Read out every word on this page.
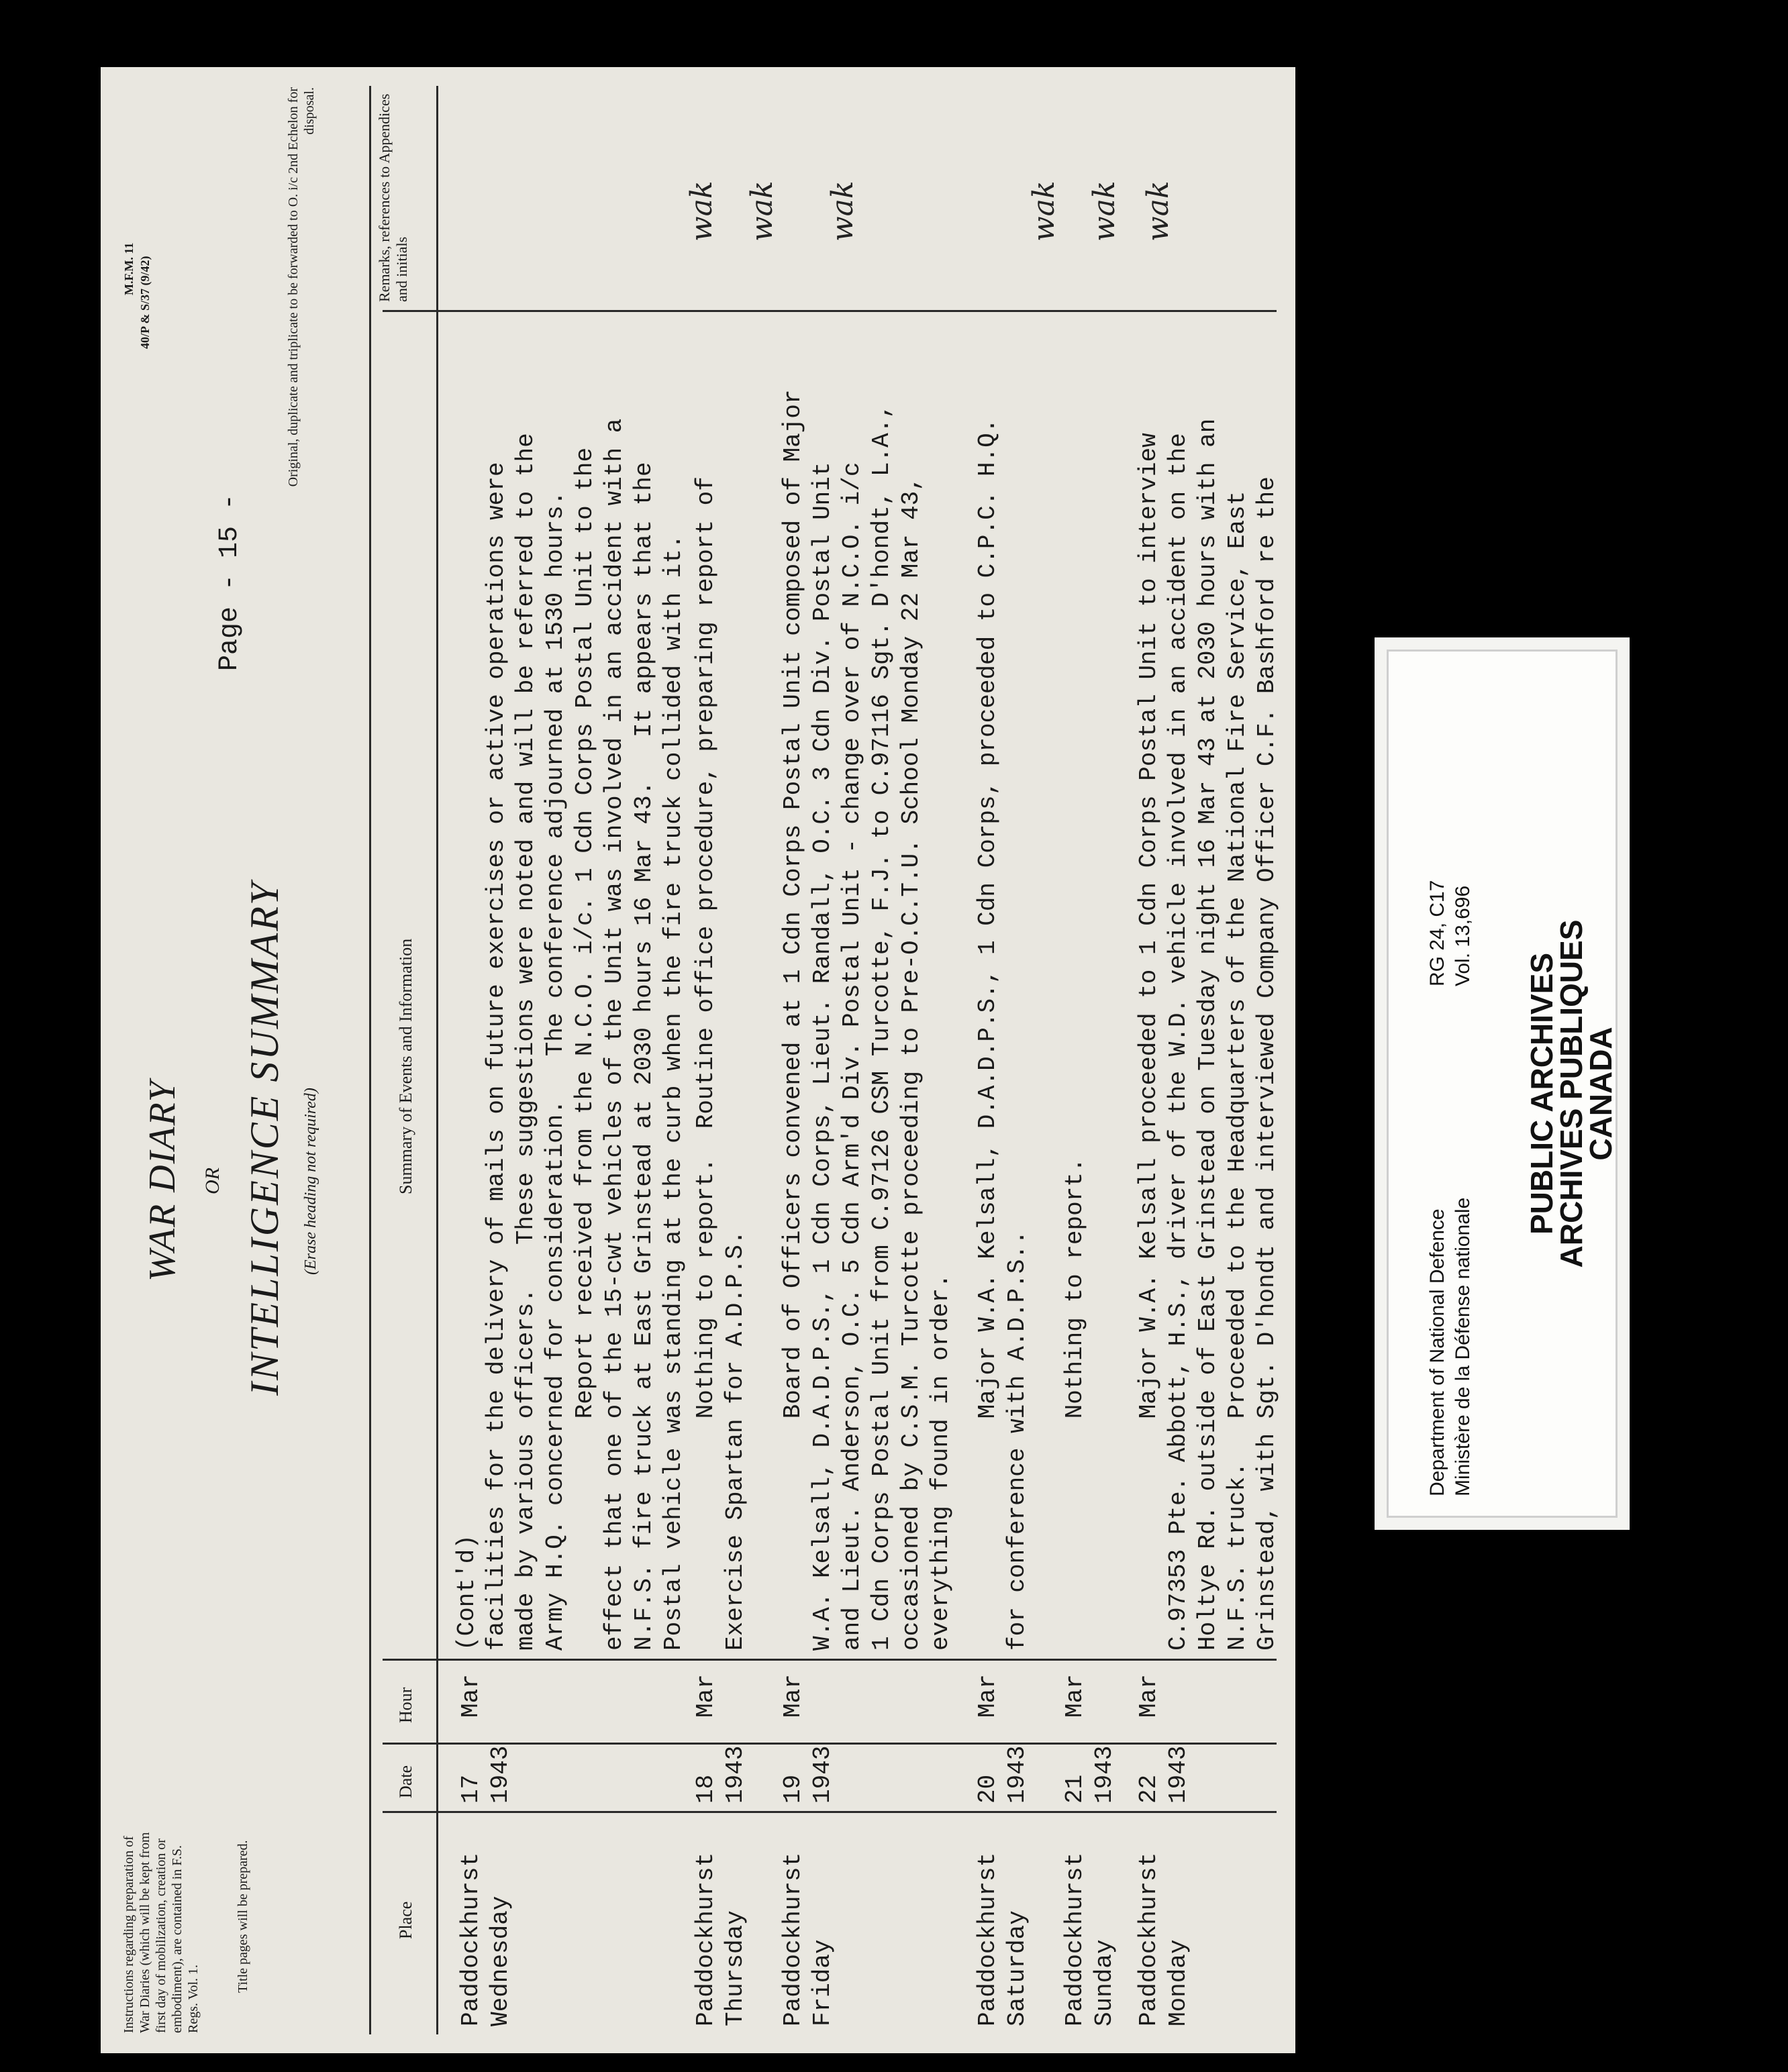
Instructions regarding preparation of War Diaries (which will be kept from first day of mobilization, creation or embodiment), are contained in F.S. Regs. Vol. 1.
Title pages will be prepared.
WAR DIARY OR INTELLIGENCE SUMMARY (Erase heading not required)
Page - 15 -
M.F.M. 11 40/P & S/37 (9/42)	Original, duplicate and triplicate to be forwarded to O. i/c 2nd Echelon for disposal.
Place
Date
Hour
Summary of Events and Information
Remarks, references to Appendices and initials
Paddockhurst Wednesday
17 1943
Mar
(Cont'd)
facilities for the delivery of mails on future exercises or active operations were
made by various officers.   These suggestions were noted and will be referred to the
Army H.Q. concerned for consideration.   The conference adjourned at 1530 hours.
Report received from the N.C.O. i/c. 1 Cdn Corps Postal Unit to the
effect that one of the 15-cwt vehicles of the Unit was involved in an accident with a
N.F.S. fire truck at East Grinstead at 2030 hours 16 Mar 43.   It appears that the
Postal vehicle was standing at the curb when the fire truck collided with it.
wak
Paddockhurst Thursday
18 1943
Mar
Nothing to report.  Routine office procedure, preparing report of
Exercise Spartan for A.D.P.S.
wak
Paddockhurst Friday
19 1943
Mar
Board of Officers convened at 1 Cdn Corps Postal Unit composed of Major
W.A. Kelsall, D.A.D.P.S., 1 Cdn Corps, Lieut. Randall, O.C. 3 Cdn Div. Postal Unit
and Lieut. Anderson, O.C. 5 Cdn Arm'd Div. Postal Unit - change over of N.C.O. i/c
1 Cdn Corps Postal Unit from C.97126 CSM Turcotte, F.J. to C.97116 Sgt. D'hondt, L.A.,
occasioned by C.S.M. Turcotte proceeding to Pre-O.C.T.U. School Monday 22 Mar 43,
everything found in order.
wak
Paddockhurst Saturday
20 1943
Mar
Major W.A. Kelsall, D.A.D.P.S., 1 Cdn Corps, proceeded to C.P.C. H.Q.
for conference with A.D.P.S..
wak
Paddockhurst Sunday
21 1943
Mar
Nothing to report.
wak
Paddockhurst Monday
22 1943
Mar
Major W.A. Kelsall proceeded to 1 Cdn Corps Postal Unit to interview
C.97353 Pte. Abbott, H.S., driver of the W.D. vehicle involved in an accident on the
Holtye Rd. outside of East Grinstead on Tuesday night 16 Mar 43 at 2030 hours with an
N.F.S. truck.   Proceeded to the Headquarters of the National Fire Service, East
Grinstead, with Sgt. D'hondt and interviewed Company Officer C.F. Bashford re the
wak
Department of National Defence Ministère de la Défense nationale
RG 24, C17 Vol. 13,696
PUBLIC ARCHIVES
ARCHIVES PUBLIQUES
CANADA
